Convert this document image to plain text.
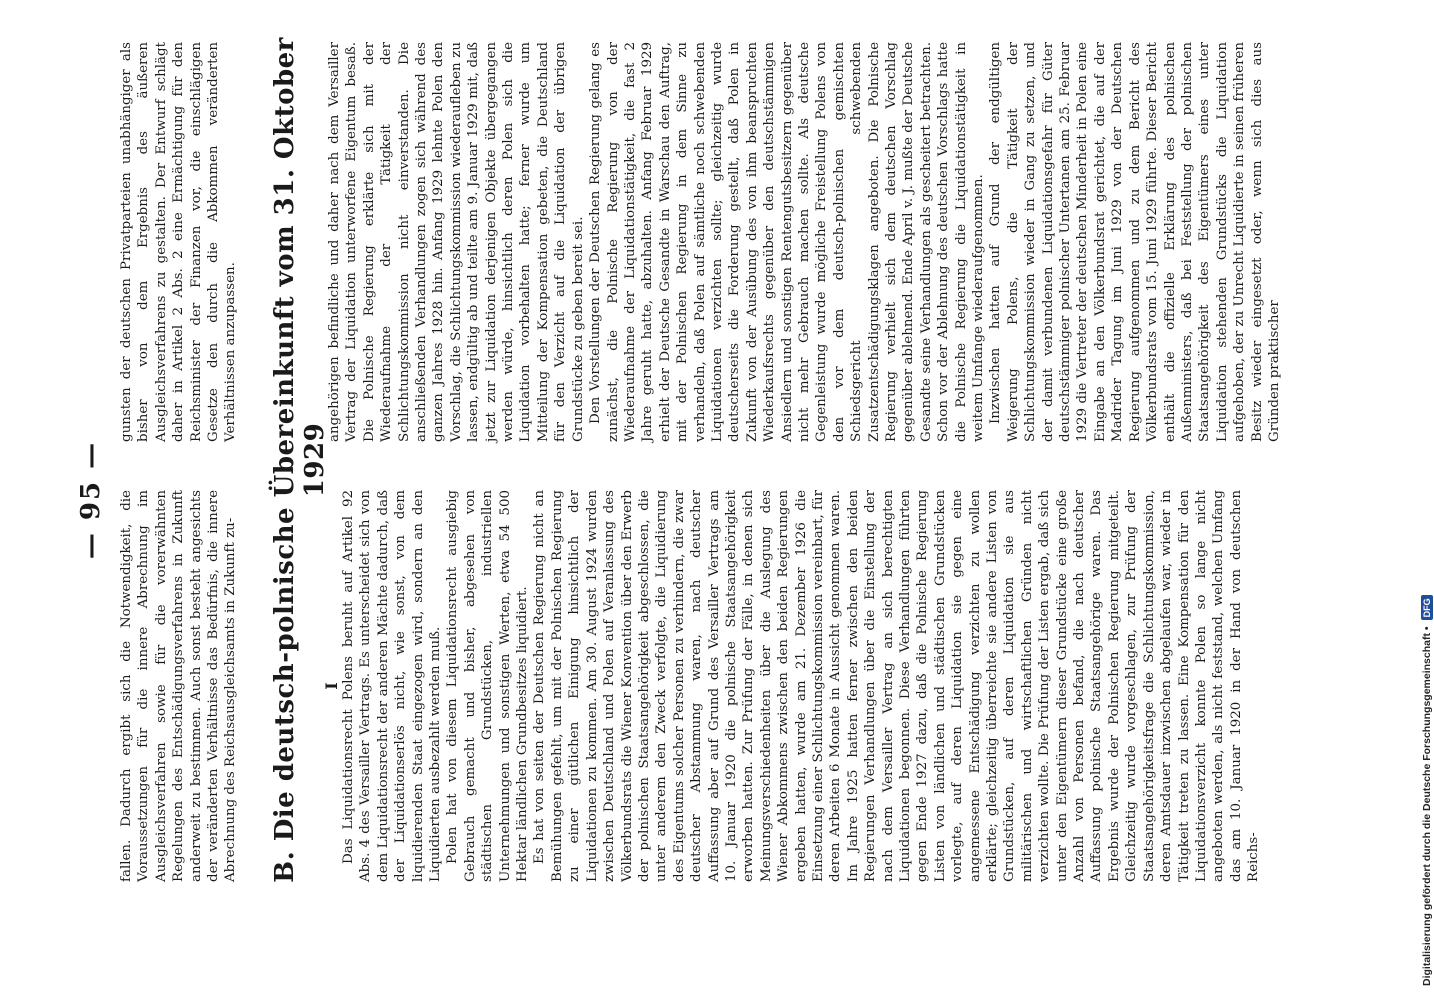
— 95 — fallen. Dadurch ergibt sich die Notwendigkeit, die Voraussetzungen für die innere Abrechnung im Ausgleichsverfahren sowie für die vorerwähnten Regelungen des Entschädigungsverfahrens in Zukunft anderweit zu bestimmen. Auch sonst besteht angesichts der veränderten Verhältnisse das Bedürfnis, die innere Abrechnung des Reichsausgleichsamts in Zukunft zu-

gunsten der deutschen Privatparteien unabhängiger als bisher von dem Ergebnis des äußeren Ausgleichsverfahrens zu gestalten. Der Entwurf schlägt daher in Artikel 2 Abs. 2 eine Ermächtigung für den Reichsminister der Finanzen vor, die einschlägigen Gesetze den durch die Abkommen veränderten Verhältnissen anzupassen. B. Die deutsch-polnische Übereinkunft vom 31. Oktober 1929
I Das Liquidationsrecht Polens beruht auf Artikel 92 Abs. 4 des Versailler Vertrags. Es unterscheidet sich von dem Liquidationsrecht der anderen Mächte dadurch, daß der Liquidationserlös nicht, wie sonst, von dem liquidierenden Staat eingezogen wird, sondern an den Liquidierten ausbezahlt werden muß. Polen hat von diesem Liquidationsrecht ausgiebig Gebrauch gemacht und bisher, abgesehen von städtischen Grundstücken, industriellen Unternehmungen und sonstigen Werten, etwa 54 500 Hektar ländlichen Grundbesitzes liquidiert. Es hat von seiten der Deutschen Regierung nicht an Bemühungen gefehlt, um mit der Polnischen Regierung zu einer gütlichen Einigung hinsichtlich der Liquidationen zu kommen. Am 30. August 1924 wurden zwischen Deutschland und Polen auf Veranlassung des Völkerbundsrats die Wiener Konvention über den Erwerb der polnischen Staatsangehörigkeit abgeschlossen, die unter anderem den Zweck verfolgte, die Liquidierung des Eigentums solcher Personen zu verhindern, die zwar deutscher Abstammung waren, nach deutscher Auffassung aber auf Grund des Versailler Vertrags am 10. Januar 1920 die polnische Staatsangehörigkeit erworben hatten. Zur Prüfung der Fälle, in denen sich Meinungsverschiedenheiten über die Auslegung des Wiener Abkommens zwischen den beiden Regierungen ergeben hatten, wurde am 21. Dezember 1926 die Einsetzung einer Schlichtungskommission vereinbart, für deren Arbeiten 6 Monate in Aussicht genommen waren. Im Jahre 1925 hatten ferner zwischen den beiden Regierungen Verhandlungen über die Einstellung der nach dem Versailler Vertrag an sich berechtigten Liquidationen begonnen. Diese Verhandlungen führten gegen Ende 1927 dazu, daß die Polnische Regierung Listen von ländlichen und städtischen Grundstücken vorlegte, auf deren Liquidation sie gegen eine angemessene Entschädigung verzichten zu wollen erklärte; gleichzeitig überreichte sie andere Listen von Grundstücken, auf deren Liquidation sie aus militärischen und wirtschaftlichen Gründen nicht verzichten wollte. Die Prüfung der Listen ergab, daß sich unter den Eigentümern dieser Grundstücke eine große Anzahl von Personen befand, die nach deutscher Auffassung polnische Staatsangehörige waren. Das Ergebnis wurde der Polnischen Regierung mitgeteilt. Gleichzeitig wurde vorgeschlagen, zur Prüfung der Staatsangehörigkeitsfrage die Schlichtungskommission, deren Amtsdauer inzwischen abgelaufen war, wieder in Tätigkeit treten zu lassen. Eine Kompensation für den Liquidationsverzicht konnte Polen so lange nicht angeboten werden, als nicht feststand, welchen Umfang das am 10. Januar 1920 in der Hand von deutschen Reichs-

angehörigen befindliche und daher nach dem Versailler Vertrag der Liquidation unterworfene Eigentum besaß. Die Polnische Regierung erklärte sich mit der Wiederaufnahme der Tätigkeit der Schlichtungskommission nicht einverstanden. Die anschließenden Verhandlungen zogen sich während des ganzen Jahres 1928 hin. Anfang 1929 lehnte Polen den Vorschlag, die Schlichtungskommission wiederaufleben zu lassen, endgültig ab und teilte am 9. Januar 1929 mit, daß jetzt zur Liquidation derjenigen Objekte übergegangen werden würde, hinsichtlich deren Polen sich die Liquidation vorbehalten hatte; ferner wurde um Mitteilung der Kompensation gebeten, die Deutschland für den Verzicht auf die Liquidation der übrigen Grundstücke zu geben bereit sei. Den Vorstellungen der Deutschen Regierung gelang es zunächst, die Polnische Regierung von der Wiederaufnahme der Liquidationstätigkeit, die fast 2 Jahre geruht hatte, abzuhalten. Anfang Februar 1929 erhielt der Deutsche Gesandte in Warschau den Auftrag, mit der Polnischen Regierung in dem Sinne zu verhandeln, daß Polen auf sämtliche noch schwebenden Liquidationen verzichten sollte; gleichzeitig wurde deutscherseits die Forderung gestellt, daß Polen in Zukunft von der Ausübung des von ihm beanspruchten Wiederkaufsrechts gegenüber den deutschstämmigen Ansiedlern und sonstigen Rentengutsbesitzern gegenüber nicht mehr Gebrauch machen sollte. Als deutsche Gegenleistung wurde mögliche Freistellung Polens von den vor dem deutsch-polnischen gemischten Schiedsgericht schwebenden Zusatzentschädigungsklagen angeboten. Die Polnische Regierung verhielt sich dem deutschen Vorschlag gegenüber ablehnend. Ende April v. J. mußte der Deutsche Gesandte seine Verhandlungen als gescheitert betrachten. Schon vor der Ablehnung des deutschen Vorschlags hatte die Polnische Regierung die Liquidationstätigkeit in weitem Umfange wiederaufgenommen. Inzwischen hatten auf Grund der endgültigen Weigerung Polens, die Tätigkeit der Schlichtungskommission wieder in Gang zu setzen, und der damit verbundenen Liquidationsgefahr für Güter deutschstämmiger polnischer Untertanen am 25. Februar 1929 die Vertreter der deutschen Minderheit in Polen eine Eingabe an den Völkerbundsrat gerichtet, die auf der Madrider Tagung im Juni 1929 von der Deutschen Regierung aufgenommen und zu dem Bericht des Völkerbundsrats vom 15. Juni 1929 führte. Dieser Bericht enthält die offizielle Erklärung des polnischen Außenministers, daß bei Feststellung der polnischen Staatsangehörigkeit des Eigentümers eines unter Liquidation stehenden Grundstücks die Liquidation aufgehoben, der zu Unrecht Liquidierte in seinen früheren Besitz wieder eingesetzt oder, wenn sich dies aus Gründen praktischer

Digitalisierung gefördert durch die Deutsche Forschungsgemeinschaft •
DFG
